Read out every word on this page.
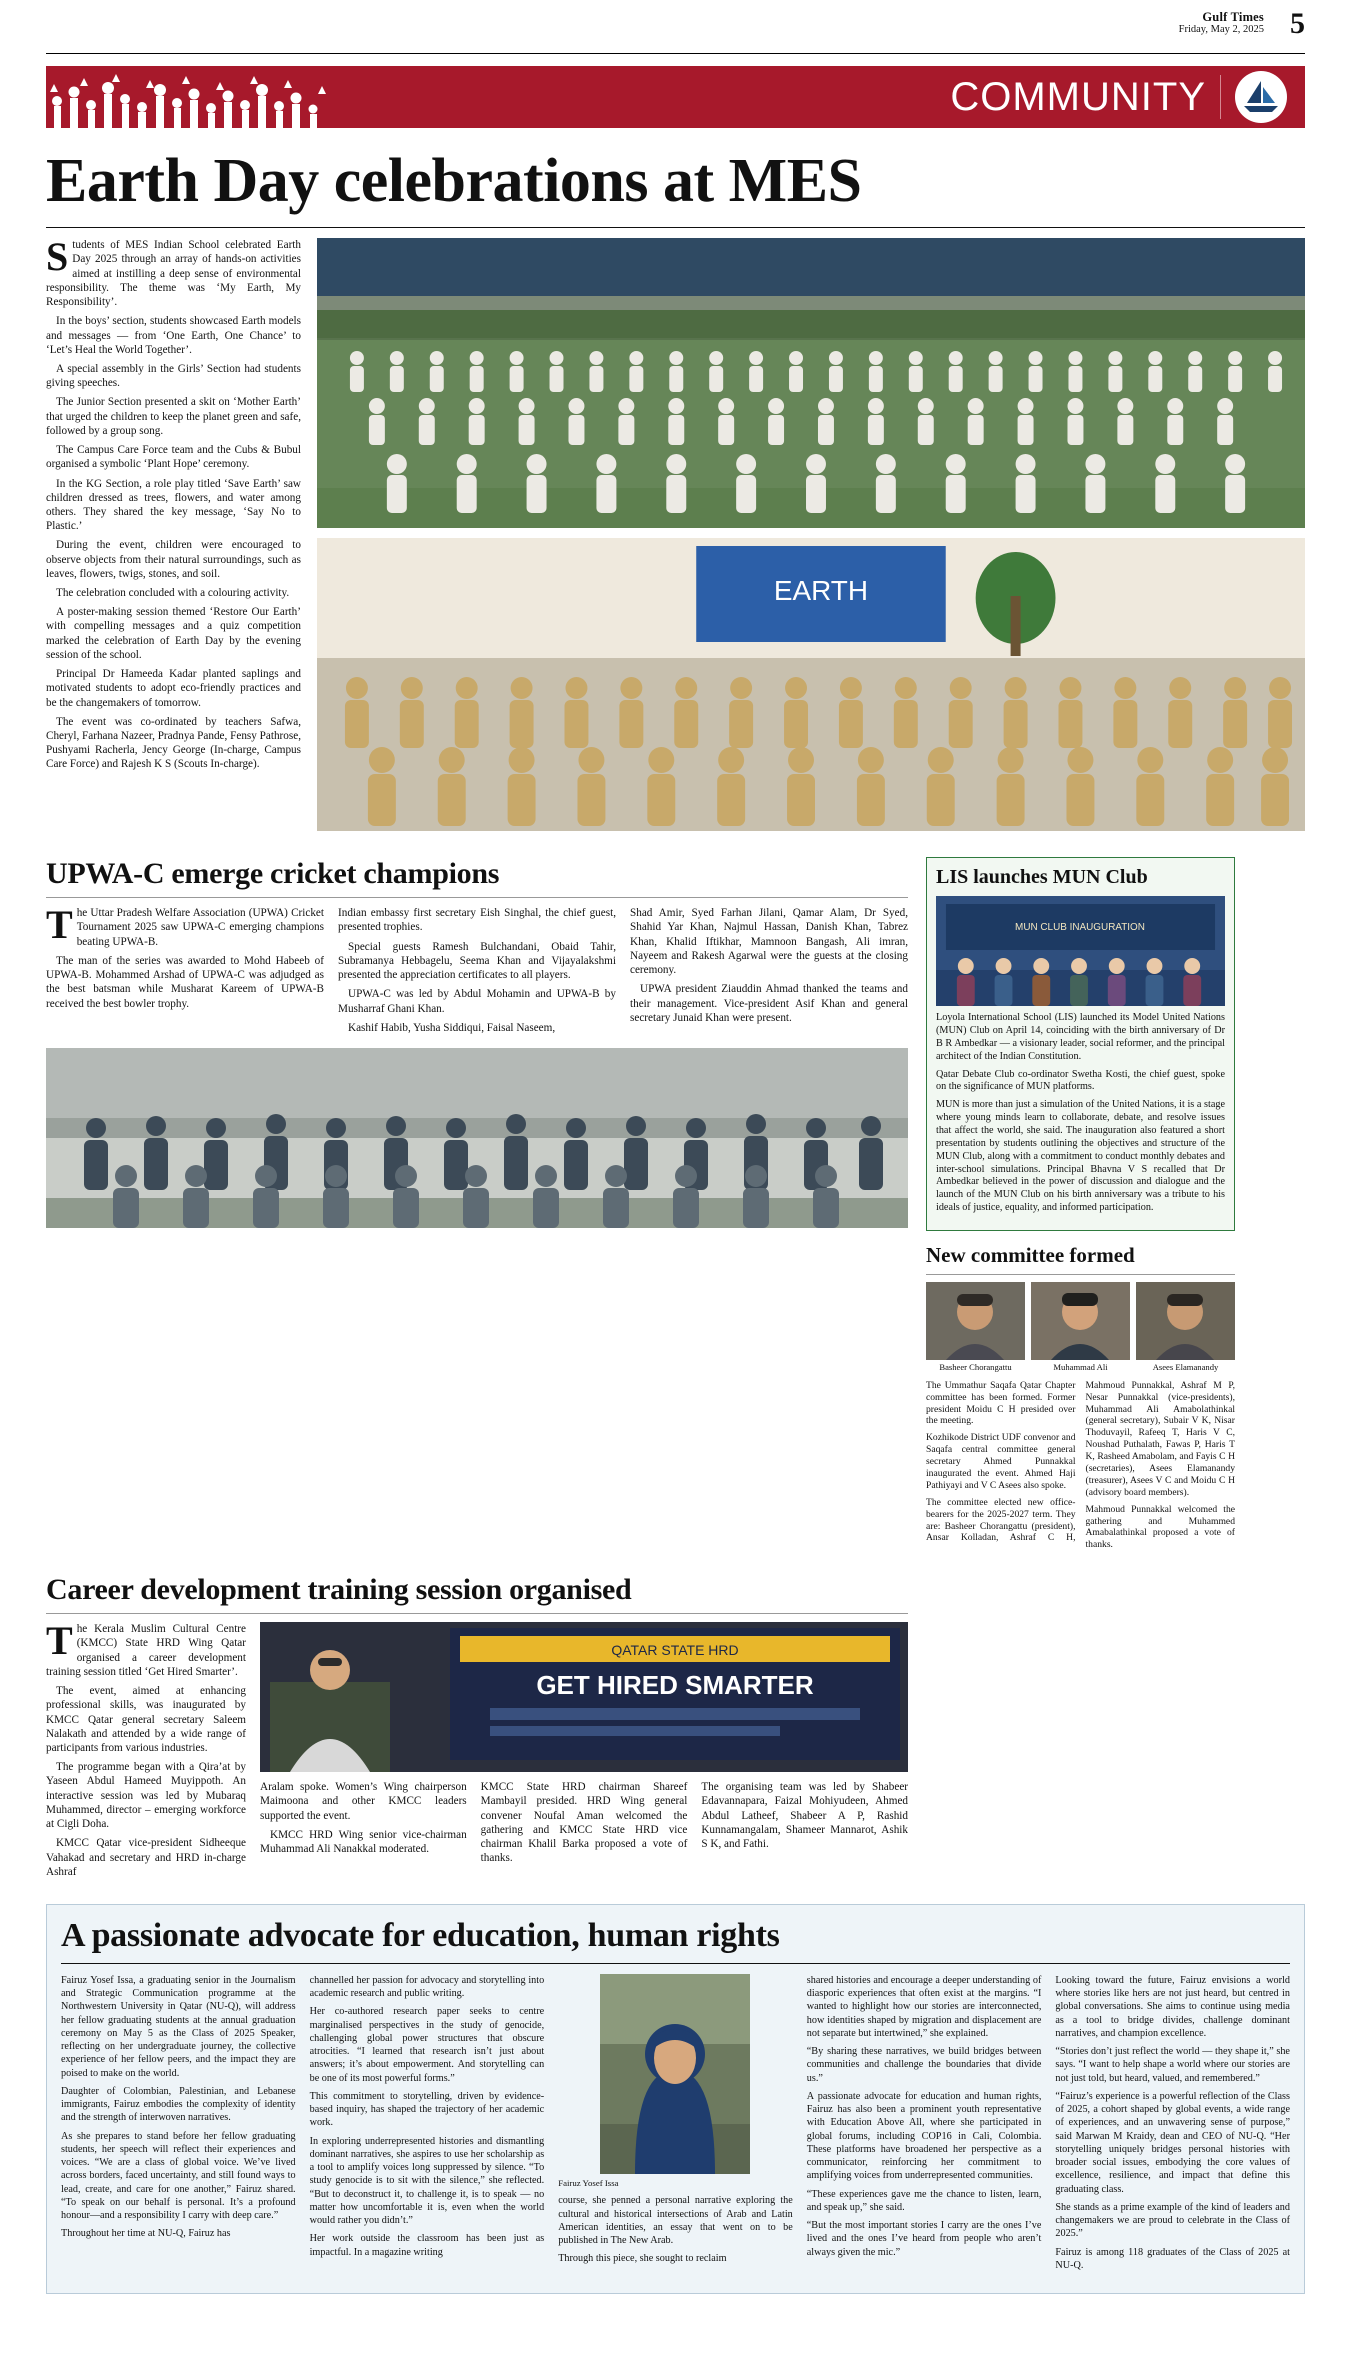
Gulf Times
Friday, May 2, 2025 5
COMMUNITY
Earth Day celebrations at MES

Students of MES Indian School celebrated Earth Day 2025 through an array of hands-on activities aimed at instilling a deep sense of environmental responsibility. The theme was ‘My Earth, My Responsibility’.

In the boys’ section, students showcased Earth models and messages — from ‘One Earth, One Chance’ to ‘Let’s Heal the World Together’.

A special assembly in the Girls’ Section had students giving speeches.

The Junior Section presented a skit on ‘Mother Earth’ that urged the children to keep the planet green and safe, followed by a group song.

The Campus Care Force team and the Cubs & Bubul organised a symbolic ‘Plant Hope’ ceremony.

In the KG Section, a role play titled ‘Save Earth’ saw children dressed as trees, flowers, and water among others. They shared the key message, ‘Say No to Plastic.’

During the event, children were encouraged to observe objects from their natural surroundings, such as leaves, flowers, twigs, stones, and soil.

The celebration concluded with a colouring activity.

A poster-making session themed ‘Restore Our Earth’ with compelling messages and a quiz competition marked the celebration of Earth Day by the evening session of the school.

Principal Dr Hameeda Kadar planted saplings and motivated students to adopt eco-friendly practices and be the changemakers of tomorrow.

The event was co-ordinated by teachers Safwa, Cheryl, Farhana Nazeer, Pradnya Pande, Fensy Pathrose, Pushyami Racherla, Jency George (In-charge, Campus Care Force) and Rajesh K S (Scouts In-charge).

EARTH
UPWA-C emerge cricket champions

The Uttar Pradesh Welfare Association (UPWA) Cricket Tournament 2025 saw UPWA-C emerging champions beating UPWA-B.

The man of the series was awarded to Mohd Habeeb of UPWA-B. Mohammed Arshad of UPWA-C was adjudged as the best batsman while Musharat Kareem of UPWA-B received the best bowler trophy.

Indian embassy first secretary Eish Singhal, the chief guest, presented trophies.

Special guests Ramesh Bulchandani, Obaid Tahir, Subramanya Hebbagelu, Seema Khan and Vijayalakshmi presented the appreciation certificates to all players.

UPWA-C was led by Abdul Mohamin and UPWA-B by Musharraf Ghani Khan.

Kashif Habib, Yusha Siddiqui, Faisal Naseem,

Shad Amir, Syed Farhan Jilani, Qamar Alam, Dr Syed, Shahid Yar Khan, Najmul Hassan, Danish Khan, Tabrez Khan, Khalid Iftikhar, Mamnoon Bangash, Ali imran, Nayeem and Rakesh Agarwal were the guests at the closing ceremony.

UPWA president Ziauddin Ahmad thanked the teams and their management. Vice-president Asif Khan and general secretary Junaid Khan were present.

LIS launches MUN Club
MUN CLUB INAUGURATION

Loyola International School (LIS) launched its Model United Nations (MUN) Club on April 14, coinciding with the birth anniversary of Dr B R Ambedkar — a visionary leader, social reformer, and the principal architect of the Indian Constitution.

Qatar Debate Club co-ordinator Swetha Kosti, the chief guest, spoke on the significance of MUN platforms.

MUN is more than just a simulation of the United Nations, it is a stage where young minds learn to collaborate, debate, and resolve issues that affect the world, she said. The inauguration also featured a short presentation by students outlining the objectives and structure of the MUN Club, along with a commitment to conduct monthly debates and inter-school simulations. Principal Bhavna V S recalled that Dr Ambedkar believed in the power of discussion and dialogue and the launch of the MUN Club on his birth anniversary was a tribute to his ideals of justice, equality, and informed participation.

New committee formed
Basheer Chorangattu	Muhammad Ali	Asees Elamanandy

The Ummathur Saqafa Qatar Chapter committee has been formed. Former president Moidu C H presided over the meeting.

Kozhikode District UDF convenor and Saqafa central committee general secretary Ahmed Punnakkal inaugurated the event. Ahmed Haji Pathiyayi and V C Asees also spoke.

The committee elected new office-bearers for the 2025-2027 term. They are: Basheer Chorangattu (president), Ansar Kolladan, Ashraf C H, Mahmoud Punnakkal, Ashraf M P, Nesar Punnakkal (vice-presidents), Muhammad Ali Amabolathinkal (general secretary), Subair V K, Nisar Thoduvayil, Rafeeq T, Haris V C, Noushad Puthalath, Fawas P, Haris T K, Rasheed Amabolam, and Fayis C H (secretaries), Asees Elamanandy (treasurer), Asees V C and Moidu C H (advisory board members).

Mahmoud Punnakkal welcomed the gathering and Muhammed Amabalathinkal proposed a vote of thanks.

Career development training session organised

The Kerala Muslim Cultural Centre (KMCC) State HRD Wing Qatar organised a career development training session titled ‘Get Hired Smarter’.

The event, aimed at enhancing professional skills, was inaugurated by KMCC Qatar general secretary Saleem Nalakath and attended by a wide range of participants from various industries.

The programme began with a Qira’at by Yaseen Abdul Hameed Muyippoth. An interactive session was led by Mubaraq Muhammed, director – emerging workforce at Cigli Doha.

KMCC Qatar vice-president Sidheeque Vahakad and secretary and HRD in-charge Ashraf

QATAR STATE HRD
GET HIRED SMARTER

Aralam spoke. Women’s Wing chairperson Maimoona and other KMCC leaders supported the event.

KMCC HRD Wing senior vice-chairman Muhammad Ali Nanakkal moderated.

KMCC State HRD chairman Shareef Mambayil presided. HRD Wing general convener Noufal Aman welcomed the gathering and KMCC State HRD vice chairman Khalil Barka proposed a vote of thanks.

The organising team was led by Shabeer Edavannapara, Faizal Mohiyudeen, Ahmed Abdul Latheef, Shabeer A P, Rashid Kunnamangalam, Shameer Mannarot, Ashik S K, and Fathi.

A passionate advocate for education, human rights

Fairuz Yosef Issa, a graduating senior in the Journalism and Strategic Communication programme at the Northwestern University in Qatar (NU-Q), will address her fellow graduating students at the annual graduation ceremony on May 5 as the Class of 2025 Speaker, reflecting on her undergraduate journey, the collective experience of her fellow peers, and the impact they are poised to make on the world.

Daughter of Colombian, Palestinian, and Lebanese immigrants, Fairuz embodies the complexity of identity and the strength of interwoven narratives.

As she prepares to stand before her fellow graduating students, her speech will reflect their experiences and voices. “We are a class of global voice. We’ve lived across borders, faced uncertainty, and still found ways to lead, create, and care for one another,” Fairuz shared. “To speak on our behalf is personal. It’s a profound honour—and a responsibility I carry with deep care.”

Throughout her time at NU-Q, Fairuz has

channelled her passion for advocacy and storytelling into academic research and public writing.

Her co-authored research paper seeks to centre marginalised perspectives in the study of genocide, challenging global power structures that obscure atrocities. “I learned that research isn’t just about answers; it’s about empowerment. And storytelling can be one of its most powerful forms.”

This commitment to storytelling, driven by evidence-based inquiry, has shaped the trajectory of her academic work.

In exploring underrepresented histories and dismantling dominant narratives, she aspires to use her scholarship as a tool to amplify voices long suppressed by silence. “To study genocide is to sit with the silence,” she reflected. “But to deconstruct it, to challenge it, is to speak — no matter how uncomfortable it is, even when the world would rather you didn’t.”

Her work outside the classroom has been just as impactful. In a magazine writing

Fairuz Yosef Issa

course, she penned a personal narrative exploring the cultural and historical intersections of Arab and Latin American identities, an essay that went on to be published in The New Arab.

Through this piece, she sought to reclaim

shared histories and encourage a deeper understanding of diasporic experiences that often exist at the margins. “I wanted to highlight how our stories are interconnected, how identities shaped by migration and displacement are not separate but intertwined,” she explained.

“By sharing these narratives, we build bridges between communities and challenge the boundaries that divide us.”

A passionate advocate for education and human rights, Fairuz has also been a prominent youth representative with Education Above All, where she participated in global forums, including COP16 in Cali, Colombia. These platforms have broadened her perspective as a communicator, reinforcing her commitment to amplifying voices from underrepresented communities.

“These experiences gave me the chance to listen, learn, and speak up,” she said.

“But the most important stories I carry are the ones I’ve lived and the ones I’ve heard from people who aren’t always given the mic.”

Looking toward the future, Fairuz envisions a world where stories like hers are not just heard, but centred in global conversations. She aims to continue using media as a tool to bridge divides, challenge dominant narratives, and champion excellence.

“Stories don’t just reflect the world — they shape it,” she says. “I want to help shape a world where our stories are not just told, but heard, valued, and remembered.”

“Fairuz’s experience is a powerful reflection of the Class of 2025, a cohort shaped by global events, a wide range of experiences, and an unwavering sense of purpose,” said Marwan M Kraidy, dean and CEO of NU-Q. “Her storytelling uniquely bridges personal histories with broader social issues, embodying the core values of excellence, resilience, and impact that define this graduating class.

She stands as a prime example of the kind of leaders and changemakers we are proud to celebrate in the Class of 2025.”

Fairuz is among 118 graduates of the Class of 2025 at NU-Q.
